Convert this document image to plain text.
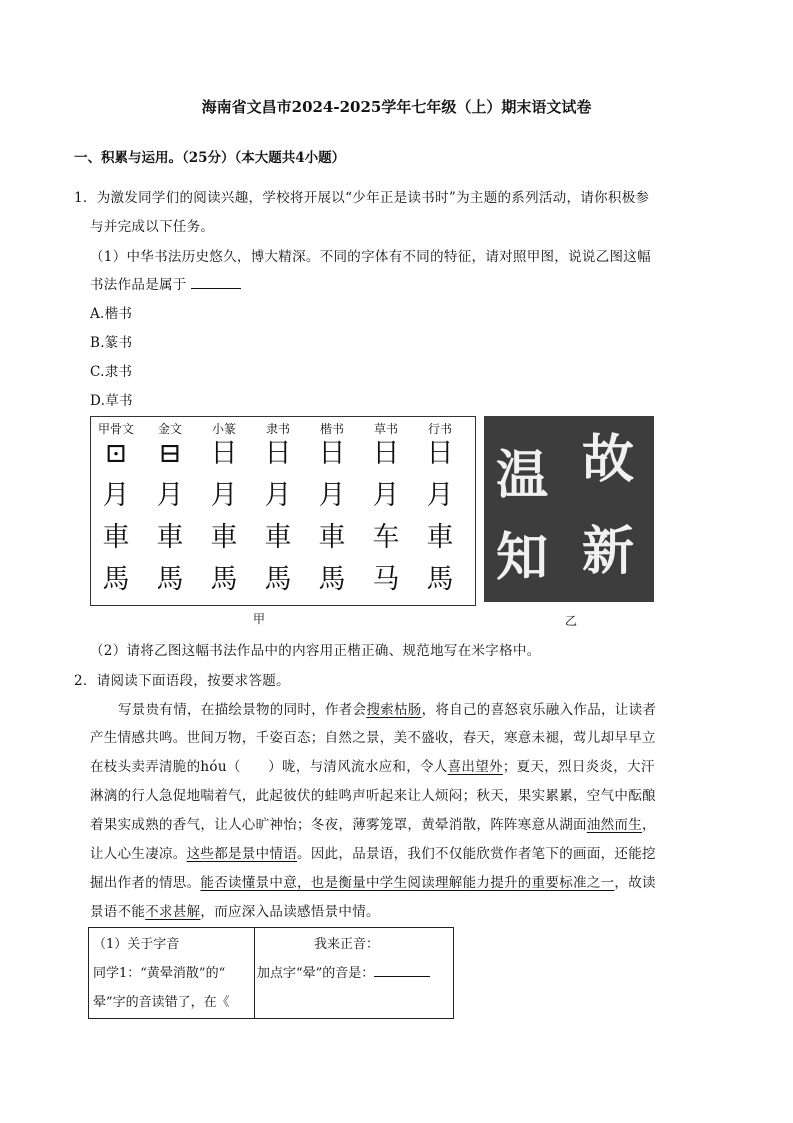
海南省文昌市2024-2025学年七年级（上）期末语文试卷
一、积累与运用。（25分）（本大题共4小题）
1．为激发同学们的阅读兴趣，学校将开展以“少年正是读书时”为主题的系列活动，请你积极参
与并完成以下任务。
（1）中华书法历史悠久，博大精深。不同的字体有不同的特征，请对照甲图，说说乙图这幅
书法作品是属于
A.楷书
B.篆书
C.隶书
D.草书
甲骨文	金文	小篆	隶书	楷书	草书	行书
⊡	⊟	日	日	日	日	日
月	月	月	月	月	月	月
車	車	車	車	車	车	車
馬	馬	馬	馬	馬	马	馬
甲
温 故
知 新
乙
（2）请将乙图这幅书法作品中的内容用正楷正确、规范地写在米字格中。
2．请阅读下面语段，按要求答题。
写景贵有情，在描绘景物的同时，作者会搜索枯肠，将自己的喜怒哀乐融入作品，让读者
产生情感共鸣。世间万物，千姿百态；自然之景，美不盛收，春天，寒意未褪，莺儿却早早立
在枝头卖弄清脆的hóu（　　）咙，与清风流水应和，令人喜出望外；夏天，烈日炎炎，大汗
淋漓的行人急促地喘着气，此起彼伏的蛙鸣声听起来让人烦闷；秋天，果实累累，空气中酝酿
着果实成熟的香气，让人心旷神怡；冬夜，薄雾笼罩，黄晕消散，阵阵寒意从湖面油然而生，
让人心生凄凉。这些都是景中情语。因此，品景语，我们不仅能欣赏作者笔下的画面，还能挖
掘出作者的情思。能否读懂景中意，也是衡量中学生阅读理解能力提升的重要标准之一，故读
景语不能不求甚解，而应深入品读感悟景中情。
（1）关于字音
同学1：“黄晕消散”的“
晕”字的音读错了，在《
我来正音：
加点字“晕”的音是：
